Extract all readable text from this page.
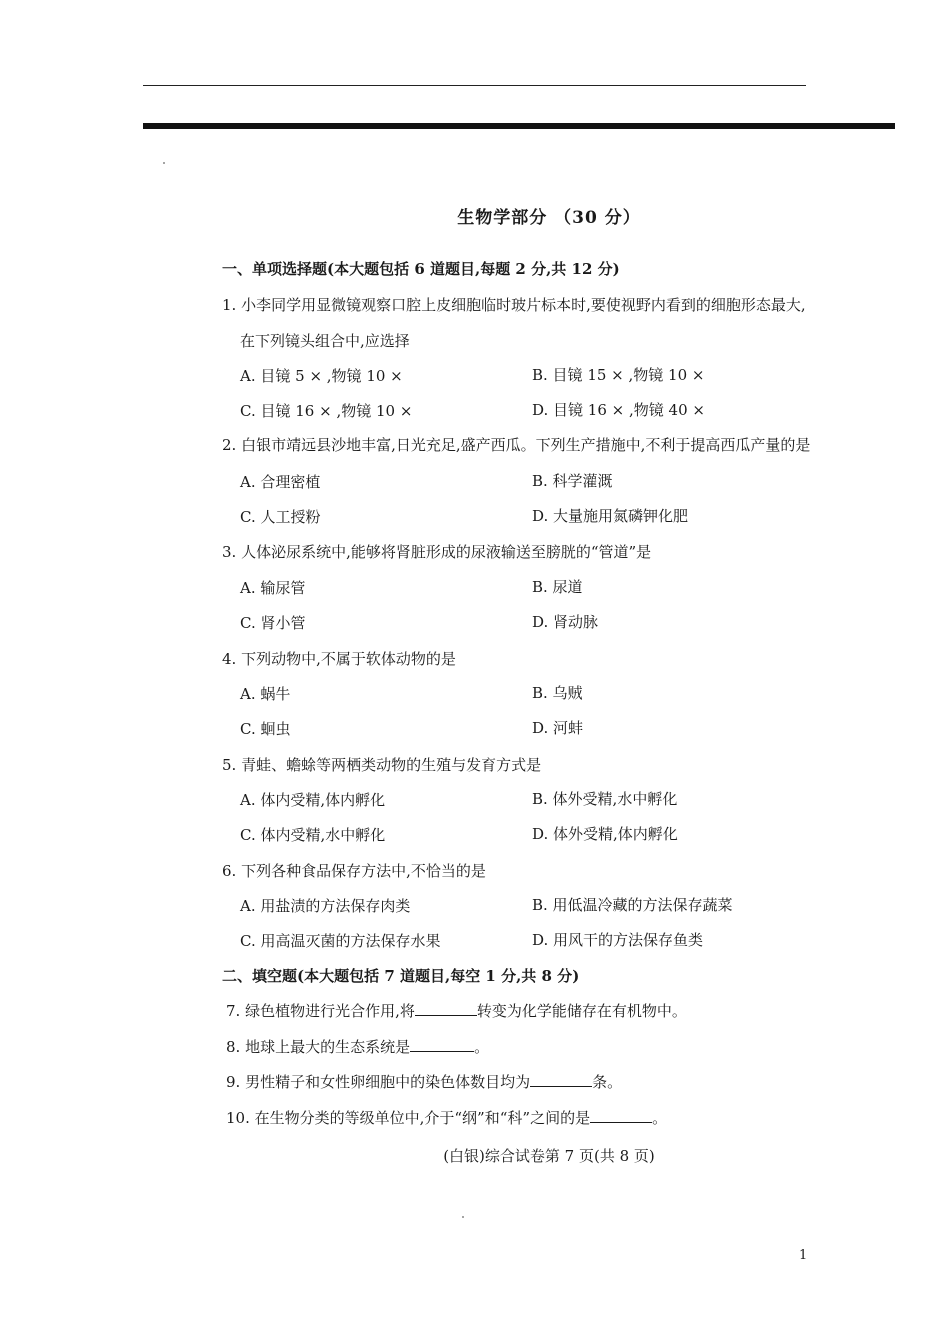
生物学部分 （30 分）
一、单项选择题(本大题包括 6 道题目,每题 2 分,共 12 分)
1. 小李同学用显微镜观察口腔上皮细胞临时玻片标本时,要使视野内看到的细胞形态最大,
在下列镜头组合中,应选择
A. 目镜 5 × ,物镜 10 ×	B. 目镜 15 × ,物镜 10 ×
C. 目镜 16 × ,物镜 10 ×	D. 目镜 16 × ,物镜 40 ×
2. 白银市靖远县沙地丰富,日光充足,盛产西瓜。下列生产措施中,不利于提高西瓜产量的是
A. 合理密植	B. 科学灌溉
C. 人工授粉	D. 大量施用氮磷钾化肥
3. 人体泌尿系统中,能够将肾脏形成的尿液输送至膀胱的“管道”是
A. 输尿管	B. 尿道
C. 肾小管	D. 肾动脉
4. 下列动物中,不属于软体动物的是
A. 蜗牛	B. 乌贼
C. 蛔虫	D. 河蚌
5. 青蛙、蟾蜍等两栖类动物的生殖与发育方式是
A. 体内受精,体内孵化	B. 体外受精,水中孵化
C. 体内受精,水中孵化	D. 体外受精,体内孵化
6. 下列各种食品保存方法中,不恰当的是
A. 用盐渍的方法保存肉类	B. 用低温冷藏的方法保存蔬菜
C. 用高温灭菌的方法保存水果	D. 用风干的方法保存鱼类
二、填空题(本大题包括 7 道题目,每空 1 分,共 8 分)
7. 绿色植物进行光合作用,将	转变为化学能储存在有机物中。
8. 地球上最大的生态系统是	。
9. 男性精子和女性卵细胞中的染色体数目均为	条。
10. 在生物分类的等级单位中,介于“纲”和“科”之间的是	。
(白银)综合试卷第 7 页(共 8 页)
1
